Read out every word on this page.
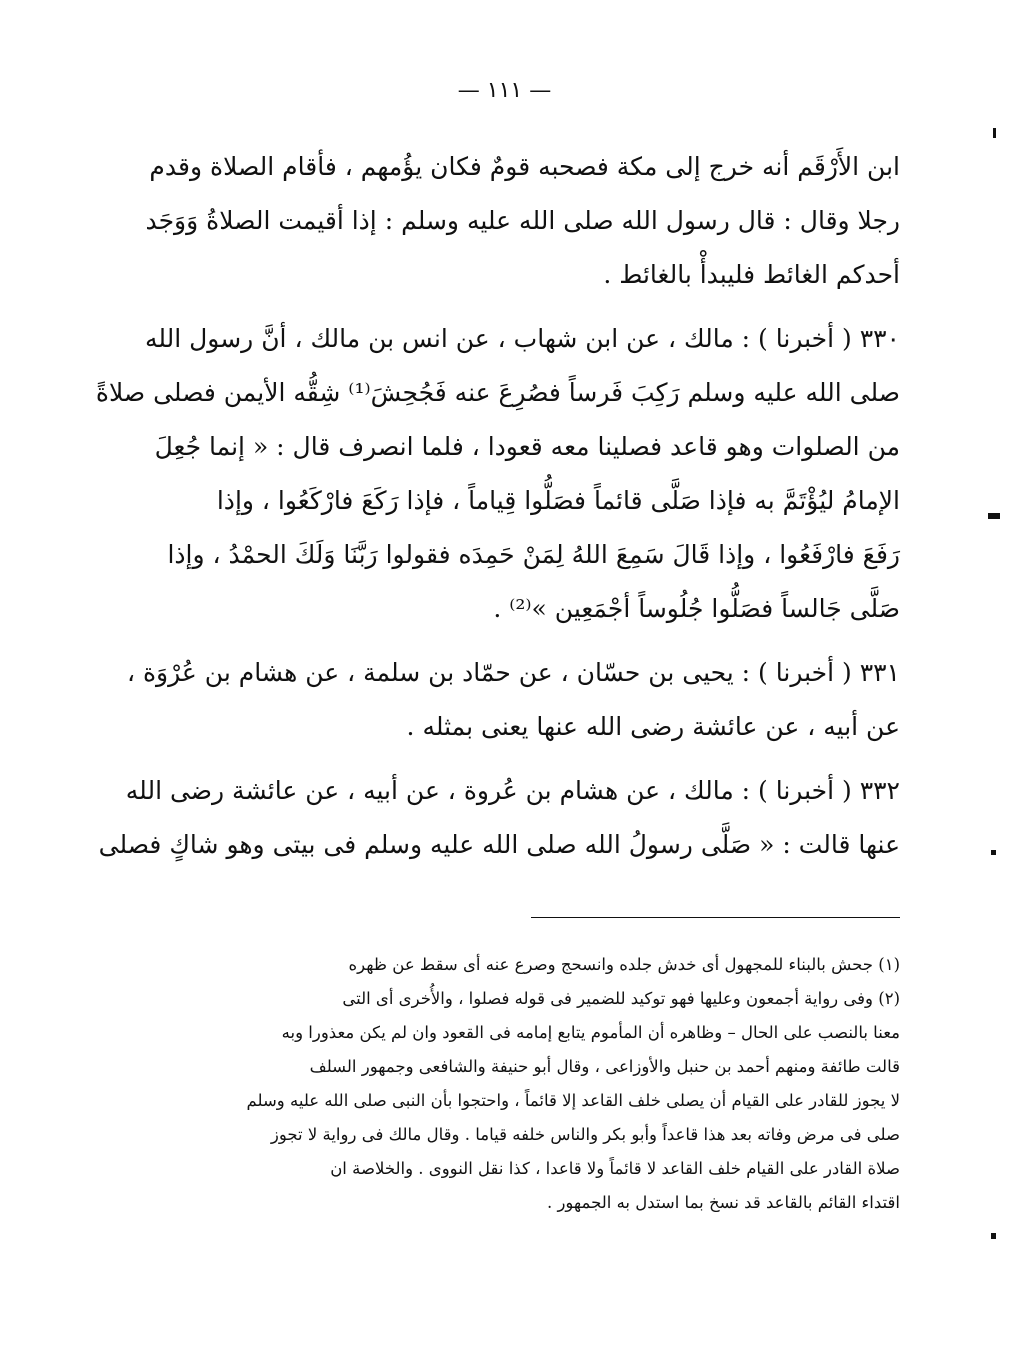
— ١١١ —
ابن الأَرْقَم أنه خرج إلى مكة فصحبه قومٌ فكان يؤُمهم ، فأقام الصلاة وقدم
رجلا وقال : قال رسول الله صلى الله عليه وسلم : إذا أقيمت الصلاةُ وَوَجَد
أحدكم الغائط فليبدأْ بالغائط .
٣٣٠ ( أخبرنا ) : مالك ، عن ابن شهاب ، عن انس بن مالك ، أنَّ رسول الله
صلى الله عليه وسلم رَكِبَ فَرساً فصُرِعَ عنه فَجُحِشَ⁽¹⁾ شِقُّه الأيمن فصلى صلاةً
من الصلوات وهو قاعد فصلينا معه قعودا ، فلما انصرف قال : « إنما جُعِلَ
الإمامُ ليُؤْتَمَّ به فإذا صَلَّى قائماً فصَلُّوا قِياماً ، فإذا رَكَعَ فارْكَعُوا ، وإذا
رَفَعَ فارْفَعُوا ، وإذا قَالَ سَمِعَ اللهُ لِمَنْ حَمِدَه فقولوا رَبَّنَا وَلَكَ الحمْدُ ، وإذا
صَلَّى جَالساً فصَلُّوا جُلُوساً أجْمَعِين »⁽²⁾ .
٣٣١ ( أخبرنا ) : يحيى بن حسّان ، عن حمّاد بن سلمة ، عن هشام بن عُرْوَة ،
عن أبيه ، عن عائشة رضى الله عنها يعنى بمثله .
٣٣٢ ( أخبرنا ) : مالك ، عن هشام بن عُروة ، عن أبيه ، عن عائشة رضى الله
عنها قالت : « صَلَّى رسولُ الله صلى الله عليه وسلم فى بيتى وهو شاكٍ فصلى
(١) جحش بالبناء للمجهول أى خدش جلده وانسحج وصرع عنه أى سقط عن ظهره
(٢) وفى رواية أجمعون وعليها فهو توكيد للضمير فى قوله فصلوا ، والأُخرى أى التى
معنا بالنصب على الحال – وظاهره أن المأموم يتابع إمامه فى القعود وان لم يكن معذورا وبه
قالت طائفة ومنهم أحمد بن حنبل والأوزاعى ، وقال أبو حنيفة والشافعى وجمهور السلف
لا يجوز للقادر على القيام أن يصلى خلف القاعد إلا قائماً ، واحتجوا بأن النبى صلى الله عليه وسلم
صلى فى مرض وفاته بعد هذا قاعداً وأبو بكر والناس خلفه قياما . وقال مالك فى رواية لا تجوز
صلاة القادر على القيام خلف القاعد لا قائماً ولا قاعدا ، كذا نقل النووى . والخلاصة ان
اقتداء القائم بالقاعد قد نسخ بما استدل به الجمهور .
